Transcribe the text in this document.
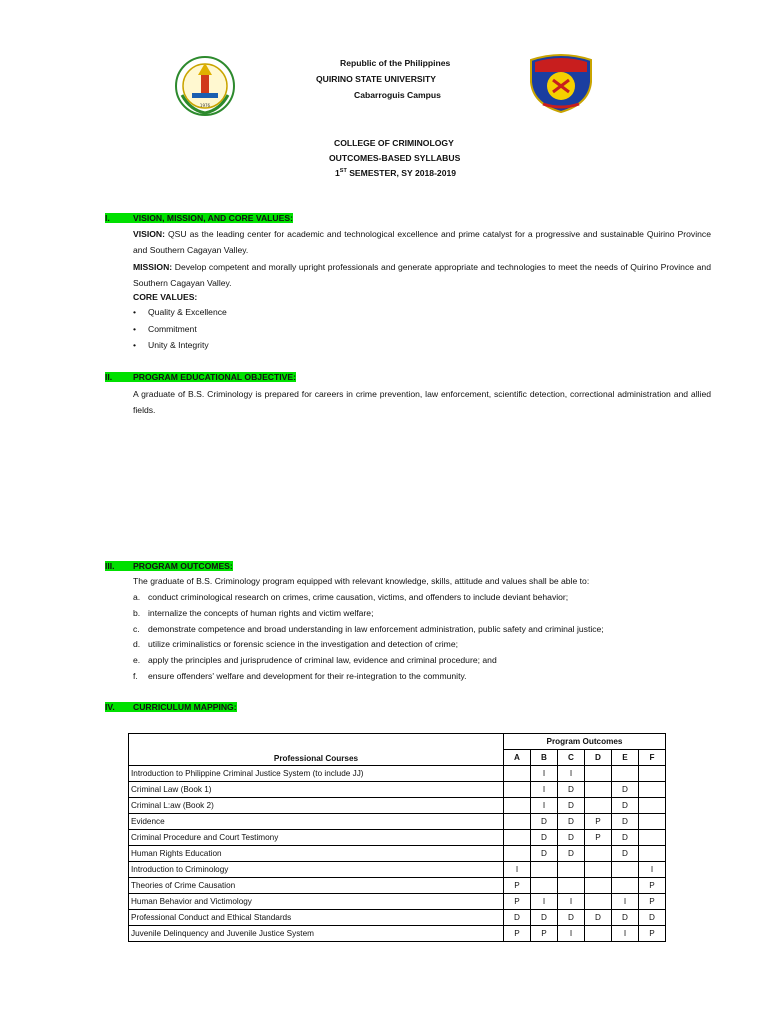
1976
Republic of the Philippines
QUIRINO STATE UNIVERSITY
Cabarroguis Campus
COLLEGE OF CRIMINOLOGY
OUTCOMES-BASED SYLLABUS
1ST SEMESTER, SY 2018-2019
I.	VISION, MISSION, AND CORE VALUES:
VISION: QSU as the leading center for academic and technological excellence and prime catalyst for a progressive and sustainable Quirino Province and Southern Cagayan Valley.
MISSION: Develop competent and morally upright professionals and generate appropriate and technologies to meet the needs of Quirino Province and Southern Cagayan Valley.
CORE VALUES:
• Quality & Excellence
• Commitment
• Unity & Integrity
II. PROGRAM EDUCATIONAL OBJECTIVE:
A graduate of B.S. Criminology is prepared for careers in crime prevention, law enforcement, scientific detection, correctional administration and allied fields.
III. PROGRAM OUTCOMES:
The graduate of B.S. Criminology program equipped with relevant knowledge, skills, attitude and values shall be able to:
a. conduct criminological research on crimes, crime causation, victims, and offenders to include deviant behavior;
b. internalize the concepts of human rights and victim welfare;
c. demonstrate competence and broad understanding in law enforcement administration, public safety and criminal justice;
d. utilize criminalistics or forensic science in the investigation and detection of crime;
e. apply the principles and jurisprudence of criminal law, evidence and criminal procedure; and
f. ensure offenders' welfare and development for their re-integration to the community.
IV. CURRICULUM MAPPING:
Professional Courses	Program Outcomes					
	A	B	C	D	E	F
Introduction to Philippine Criminal Justice System (to include JJ)		I	I			
Criminal Law (Book 1)		I	D		D	
Criminal L:aw (Book 2)		I	D		D	
Evidence		D	D	P	D	
Criminal Procedure and Court Testimony		D	D	P	D	
Human Rights Education		D	D		D	
Introduction to Criminology	I					I
Theories of Crime Causation	P					P
Human Behavior and Victimology	P	I	I		I	P
Professional Conduct and Ethical Standards	D	D	D	D	D	D
Juvenile Delinquency and Juvenile Justice System	P	P	I		I	P
